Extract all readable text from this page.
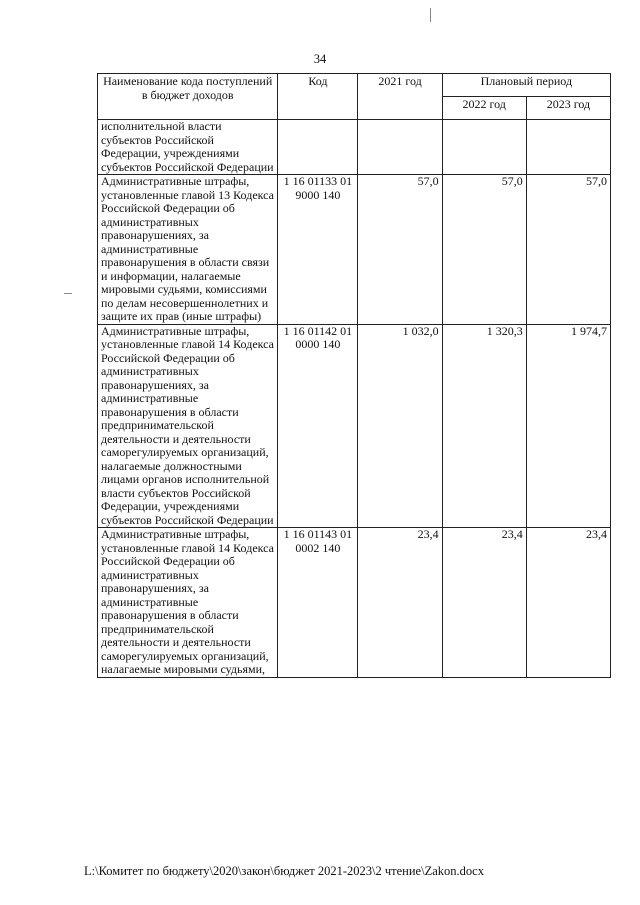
34
Наименование кода поступлений в бюджет доходов	Код	2021 год	Плановый период	
			2022 год	2023 год
исполнительной власти субъектов Российской Федерации, учреждениями субъектов Российской Федерации				
Административные штрафы, установленные главой 13 Кодекса Российской Федерации об административных правонарушениях, за административные правонарушения в области связи и информации, налагаемые мировыми судьями, комиссиями по делам несовершеннолетних и защите их прав (иные штрафы)	1 16 01133 01 9000 140	57,0	57,0	57,0
Административные штрафы, установленные главой 14 Кодекса Российской Федерации об административных правонарушениях, за административные правонарушения в области предпринимательской деятельности и деятельности саморегулируемых организаций, налагаемые должностными лицами органов исполнительной власти субъектов Российской Федерации, учреждениями субъектов Российской Федерации	1 16 01142 01 0000 140	1 032,0	1 320,3	1 974,7
Административные штрафы, установленные главой 14 Кодекса Российской Федерации об административных правонарушениях, за административные правонарушения в области предпринимательской деятельности и деятельности саморегулируемых организаций, налагаемые мировыми судьями,	1 16 01143 01 0002 140	23,4	23,4	23,4
L:\Комитет по бюджету\2020\закон\бюджет 2021-2023\2 чтение\Zakon.docx
